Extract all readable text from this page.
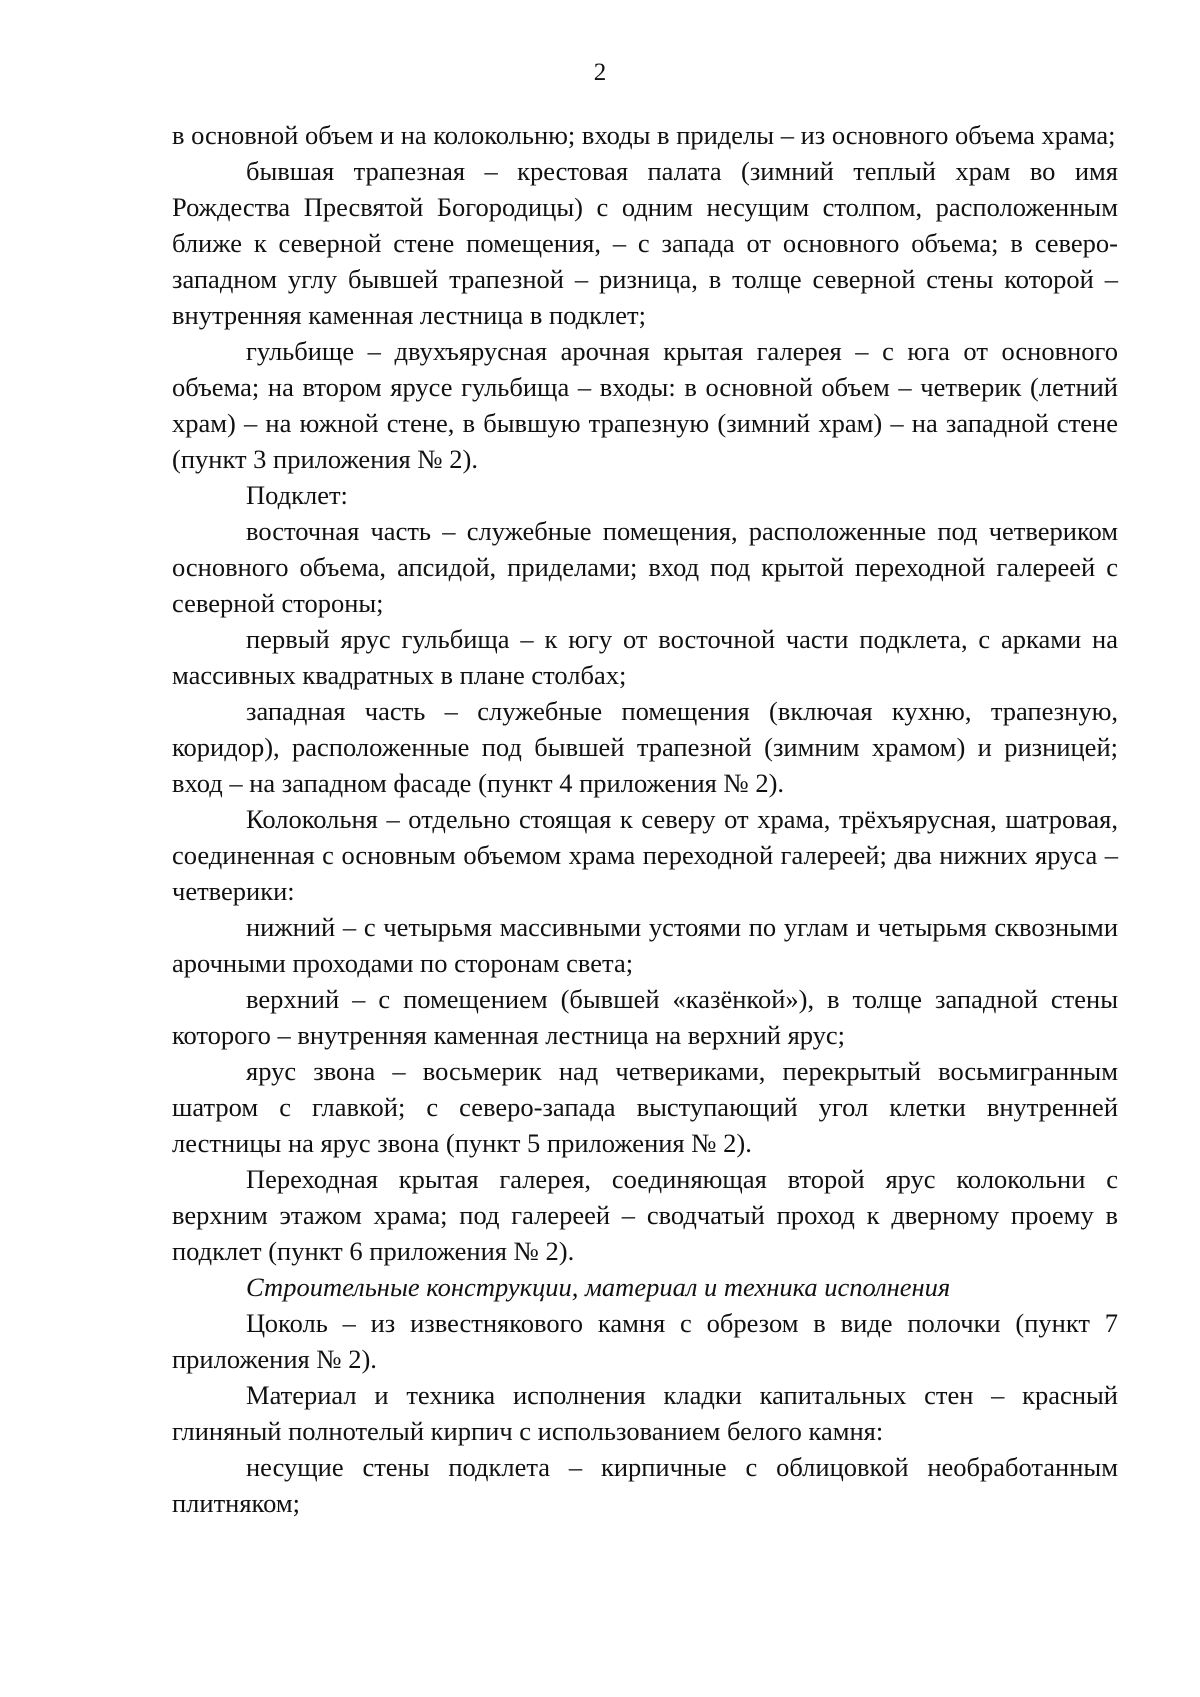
2

в основной объем и на колокольню; входы в приделы – из основного объема храма;

бывшая трапезная – крестовая палата (зимний теплый храм во имя Рождества Пресвятой Богородицы) с одним несущим столпом, расположенным ближе к северной стене помещения, – с запада от основного объема; в северо-западном углу бывшей трапезной – ризница, в толще северной стены которой – внутренняя каменная лестница в подклет;

гульбище – двухъярусная арочная крытая галерея – с юга от основного объема; на втором ярусе гульбища – входы: в основной объем – четверик (летний храм) – на южной стене, в бывшую трапезную (зимний храм) – на западной стене (пункт 3 приложения № 2).

Подклет:

восточная часть – служебные помещения, расположенные под четвериком основного объема, апсидой, приделами; вход под крытой переходной галереей с северной стороны;

первый ярус гульбища – к югу от восточной части подклета, с арками на массивных квадратных в плане столбах;

западная часть – служебные помещения (включая кухню, трапезную, коридор), расположенные под бывшей трапезной (зимним храмом) и ризницей; вход – на западном фасаде (пункт 4 приложения № 2).

Колокольня – отдельно стоящая к северу от храма, трёхъярусная, шатровая, соединенная с основным объемом храма переходной галереей; два нижних яруса – четверики:

нижний – с четырьмя массивными устоями по углам и четырьмя сквозными арочными проходами по сторонам света;

верхний – с помещением (бывшей «казёнкой»), в толще западной стены которого – внутренняя каменная лестница на верхний ярус;

ярус звона – восьмерик над четвериками, перекрытый восьмигранным шатром с главкой; с северо-запада выступающий угол клетки внутренней лестницы на ярус звона (пункт 5 приложения № 2).

Переходная крытая галерея, соединяющая второй ярус колокольни с верхним этажом храма; под галереей – сводчатый проход к дверному проему в подклет (пункт 6 приложения № 2).

Строительные конструкции, материал и техника исполнения

Цоколь – из известнякового камня с обрезом в виде полочки (пункт 7 приложения № 2).

Материал и техника исполнения кладки капитальных стен – красный глиняный полнотелый кирпич с использованием белого камня:

несущие стены подклета – кирпичные с облицовкой необработанным плитняком;
